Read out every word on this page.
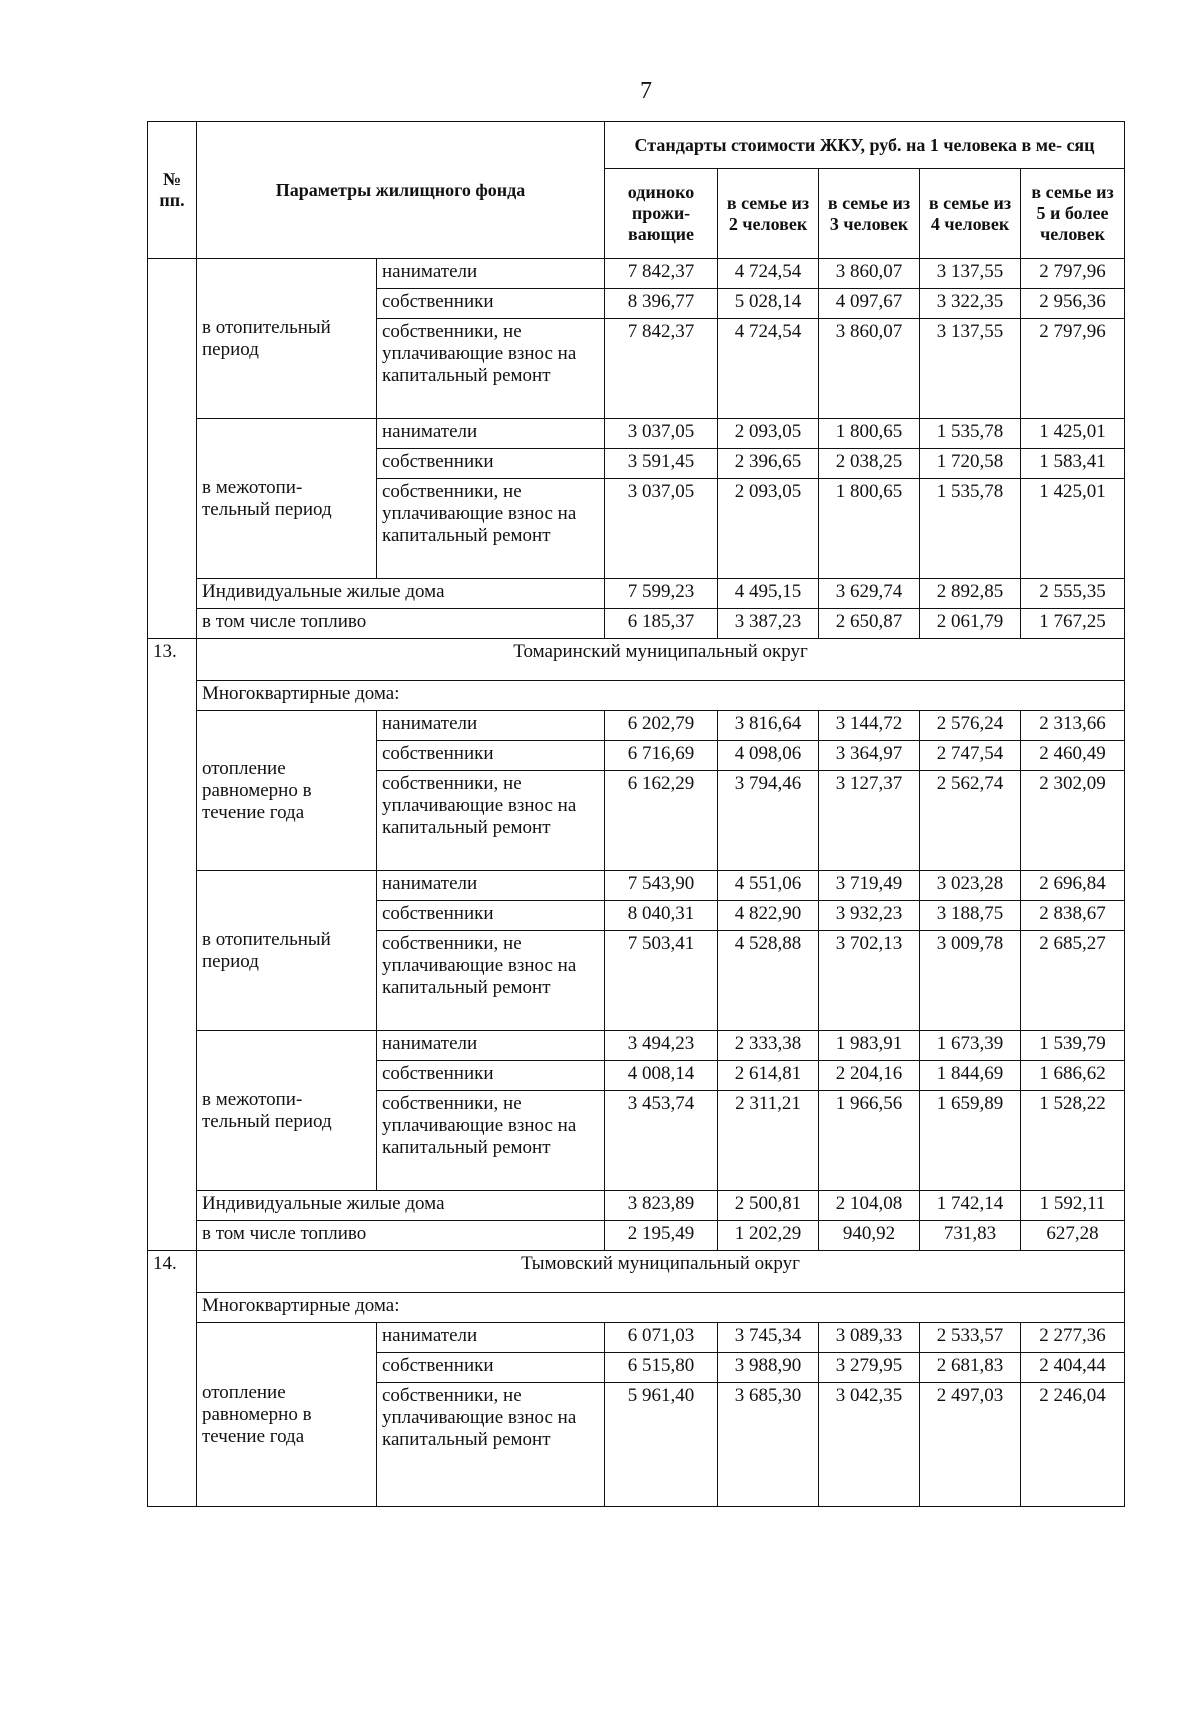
7
№ пп.	Параметры жилищного фонда		Стандарты стоимости ЖКУ, руб. на 1 человека в ме- сяц				
			одиноко прожи- вающие	в семье из 2 человек	в семье из 3 человек	в семье из 4 человек	в семье из 5 и более человек
	в отопительный период	наниматели	7 842,37	4 724,54	3 860,07	3 137,55	2 797,96
		собственники	8 396,77	5 028,14	4 097,67	3 322,35	2 956,36
		собственники, не уплачивающие взнос на капитальный ремонт	7 842,37	4 724,54	3 860,07	3 137,55	2 797,96
	в межотопи- тельный период	наниматели	3 037,05	2 093,05	1 800,65	1 535,78	1 425,01
		собственники	3 591,45	2 396,65	2 038,25	1 720,58	1 583,41
		собственники, не уплачивающие взнос на капитальный ремонт	3 037,05	2 093,05	1 800,65	1 535,78	1 425,01
	Индивидуальные жилые дома		7 599,23	4 495,15	3 629,74	2 892,85	2 555,35
	в том числе топливо		6 185,37	3 387,23	2 650,87	2 061,79	1 767,25
13.	Томаринский муниципальный округ						
	Многоквартирные дома:						
	отопление равномерно в течение года	наниматели	6 202,79	3 816,64	3 144,72	2 576,24	2 313,66
		собственники	6 716,69	4 098,06	3 364,97	2 747,54	2 460,49
		собственники, не уплачивающие взнос на капитальный ремонт	6 162,29	3 794,46	3 127,37	2 562,74	2 302,09
	в отопительный период	наниматели	7 543,90	4 551,06	3 719,49	3 023,28	2 696,84
		собственники	8 040,31	4 822,90	3 932,23	3 188,75	2 838,67
		собственники, не уплачивающие взнос на капитальный ремонт	7 503,41	4 528,88	3 702,13	3 009,78	2 685,27
	в межотопи- тельный период	наниматели	3 494,23	2 333,38	1 983,91	1 673,39	1 539,79
		собственники	4 008,14	2 614,81	2 204,16	1 844,69	1 686,62
		собственники, не уплачивающие взнос на капитальный ремонт	3 453,74	2 311,21	1 966,56	1 659,89	1 528,22
	Индивидуальные жилые дома		3 823,89	2 500,81	2 104,08	1 742,14	1 592,11
	в том числе топливо		2 195,49	1 202,29	940,92	731,83	627,28
14.	Тымовский муниципальный округ						
	Многоквартирные дома:						
	отопление равномерно в течение года	наниматели	6 071,03	3 745,34	3 089,33	2 533,57	2 277,36
		собственники	6 515,80	3 988,90	3 279,95	2 681,83	2 404,44
		собственники, не уплачивающие взнос на капитальный ремонт	5 961,40	3 685,30	3 042,35	2 497,03	2 246,04
